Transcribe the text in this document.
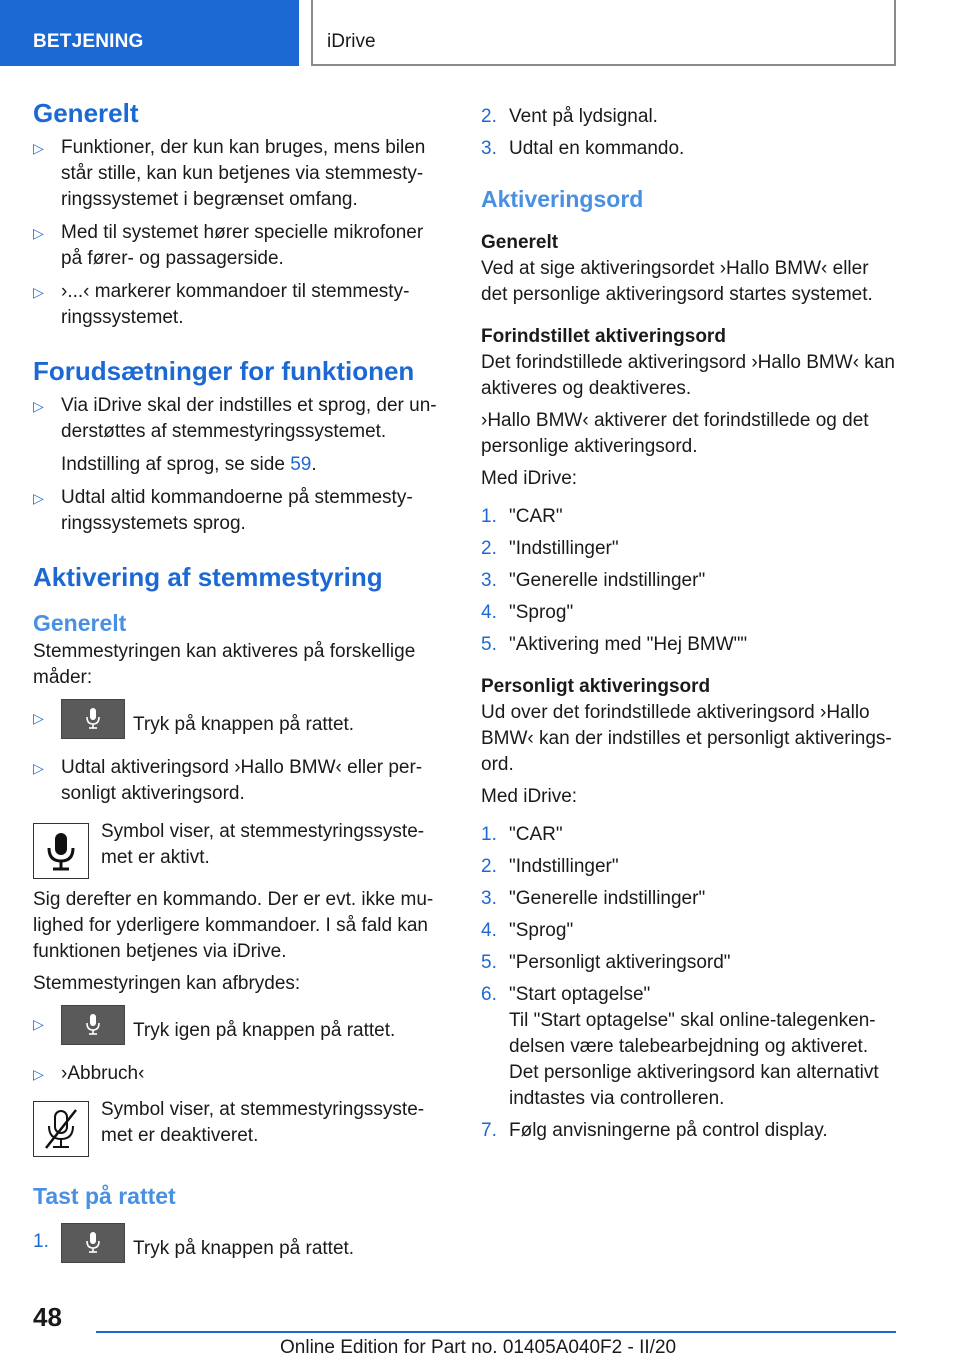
BETJENING	iDrive
Generelt
▷ Funktioner, der kun kan bruges, mens bilen står stille, kan kun betjenes via stemmesty-ringssystemet i begrænset omfang.
▷ Med til systemet hører specielle mikrofoner på fører- og passagerside.
▷ ›...‹ markerer kommandoer til stemmesty-ringssystemet.
Forudsætninger for funktionen
▷ Via iDrive skal der indstilles et sprog, der un-derstøttes af stemmestyringssystemet.
Indstilling af sprog, se side 59.
▷ Udtal altid kommandoerne på stemmesty-ringssystemets sprog.
Aktivering af stemmestyring
Generelt

Stemmestyringen kan aktiveres på forskellige måder:

▷	Tryk på knappen på rattet.
▷ Udtal aktiveringsord ›Hallo BMW‹ eller per-sonligt aktiveringsord.
Symbol viser, at stemmestyringssyste-met er aktivt.

Sig derefter en kommando. Der er evt. ikke mu-lighed for yderligere kommandoer. I så fald kan funktionen betjenes via iDrive.

Stemmestyringen kan afbrydes:

▷	Tryk igen på knappen på rattet.
▷ ›Abbruch‹
Symbol viser, at stemmestyringssyste-met er deaktiveret.
Tast på rattet
1.	Tryk på knappen på rattet.
2. Vent på lydsignal.
3. Udtal en kommando.
Aktiveringsord
Generelt

Ved at sige aktiveringsordet ›Hallo BMW‹ eller det personlige aktiveringsord startes systemet.

Forindstillet aktiveringsord

Det forindstillede aktiveringsord ›Hallo BMW‹ kan aktiveres og deaktiveres.

›Hallo BMW‹ aktiverer det forindstillede og det personlige aktiveringsord.

Med iDrive:

1. "CAR"
2. "Indstillinger"
3. "Generelle indstillinger"
4. "Sprog"
5. "Aktivering med "Hej BMW""
Personligt aktiveringsord

Ud over det forindstillede aktiveringsord ›Hallo BMW‹ kan der indstilles et personligt aktiverings-ord.

Med iDrive:

1. "CAR"
2. "Indstillinger"
3. "Generelle indstillinger"
4. "Sprog"
5. "Personligt aktiveringsord"
6. "Start optagelse"

Til "Start optagelse" skal online-talegenken-delsen være talebearbejdning og aktiveret. Det personlige aktiveringsord kan alternativt indtastes via controlleren.

7. Følg anvisningerne på control display.
48
Online Edition for Part no. 01405A040F2 - II/20
